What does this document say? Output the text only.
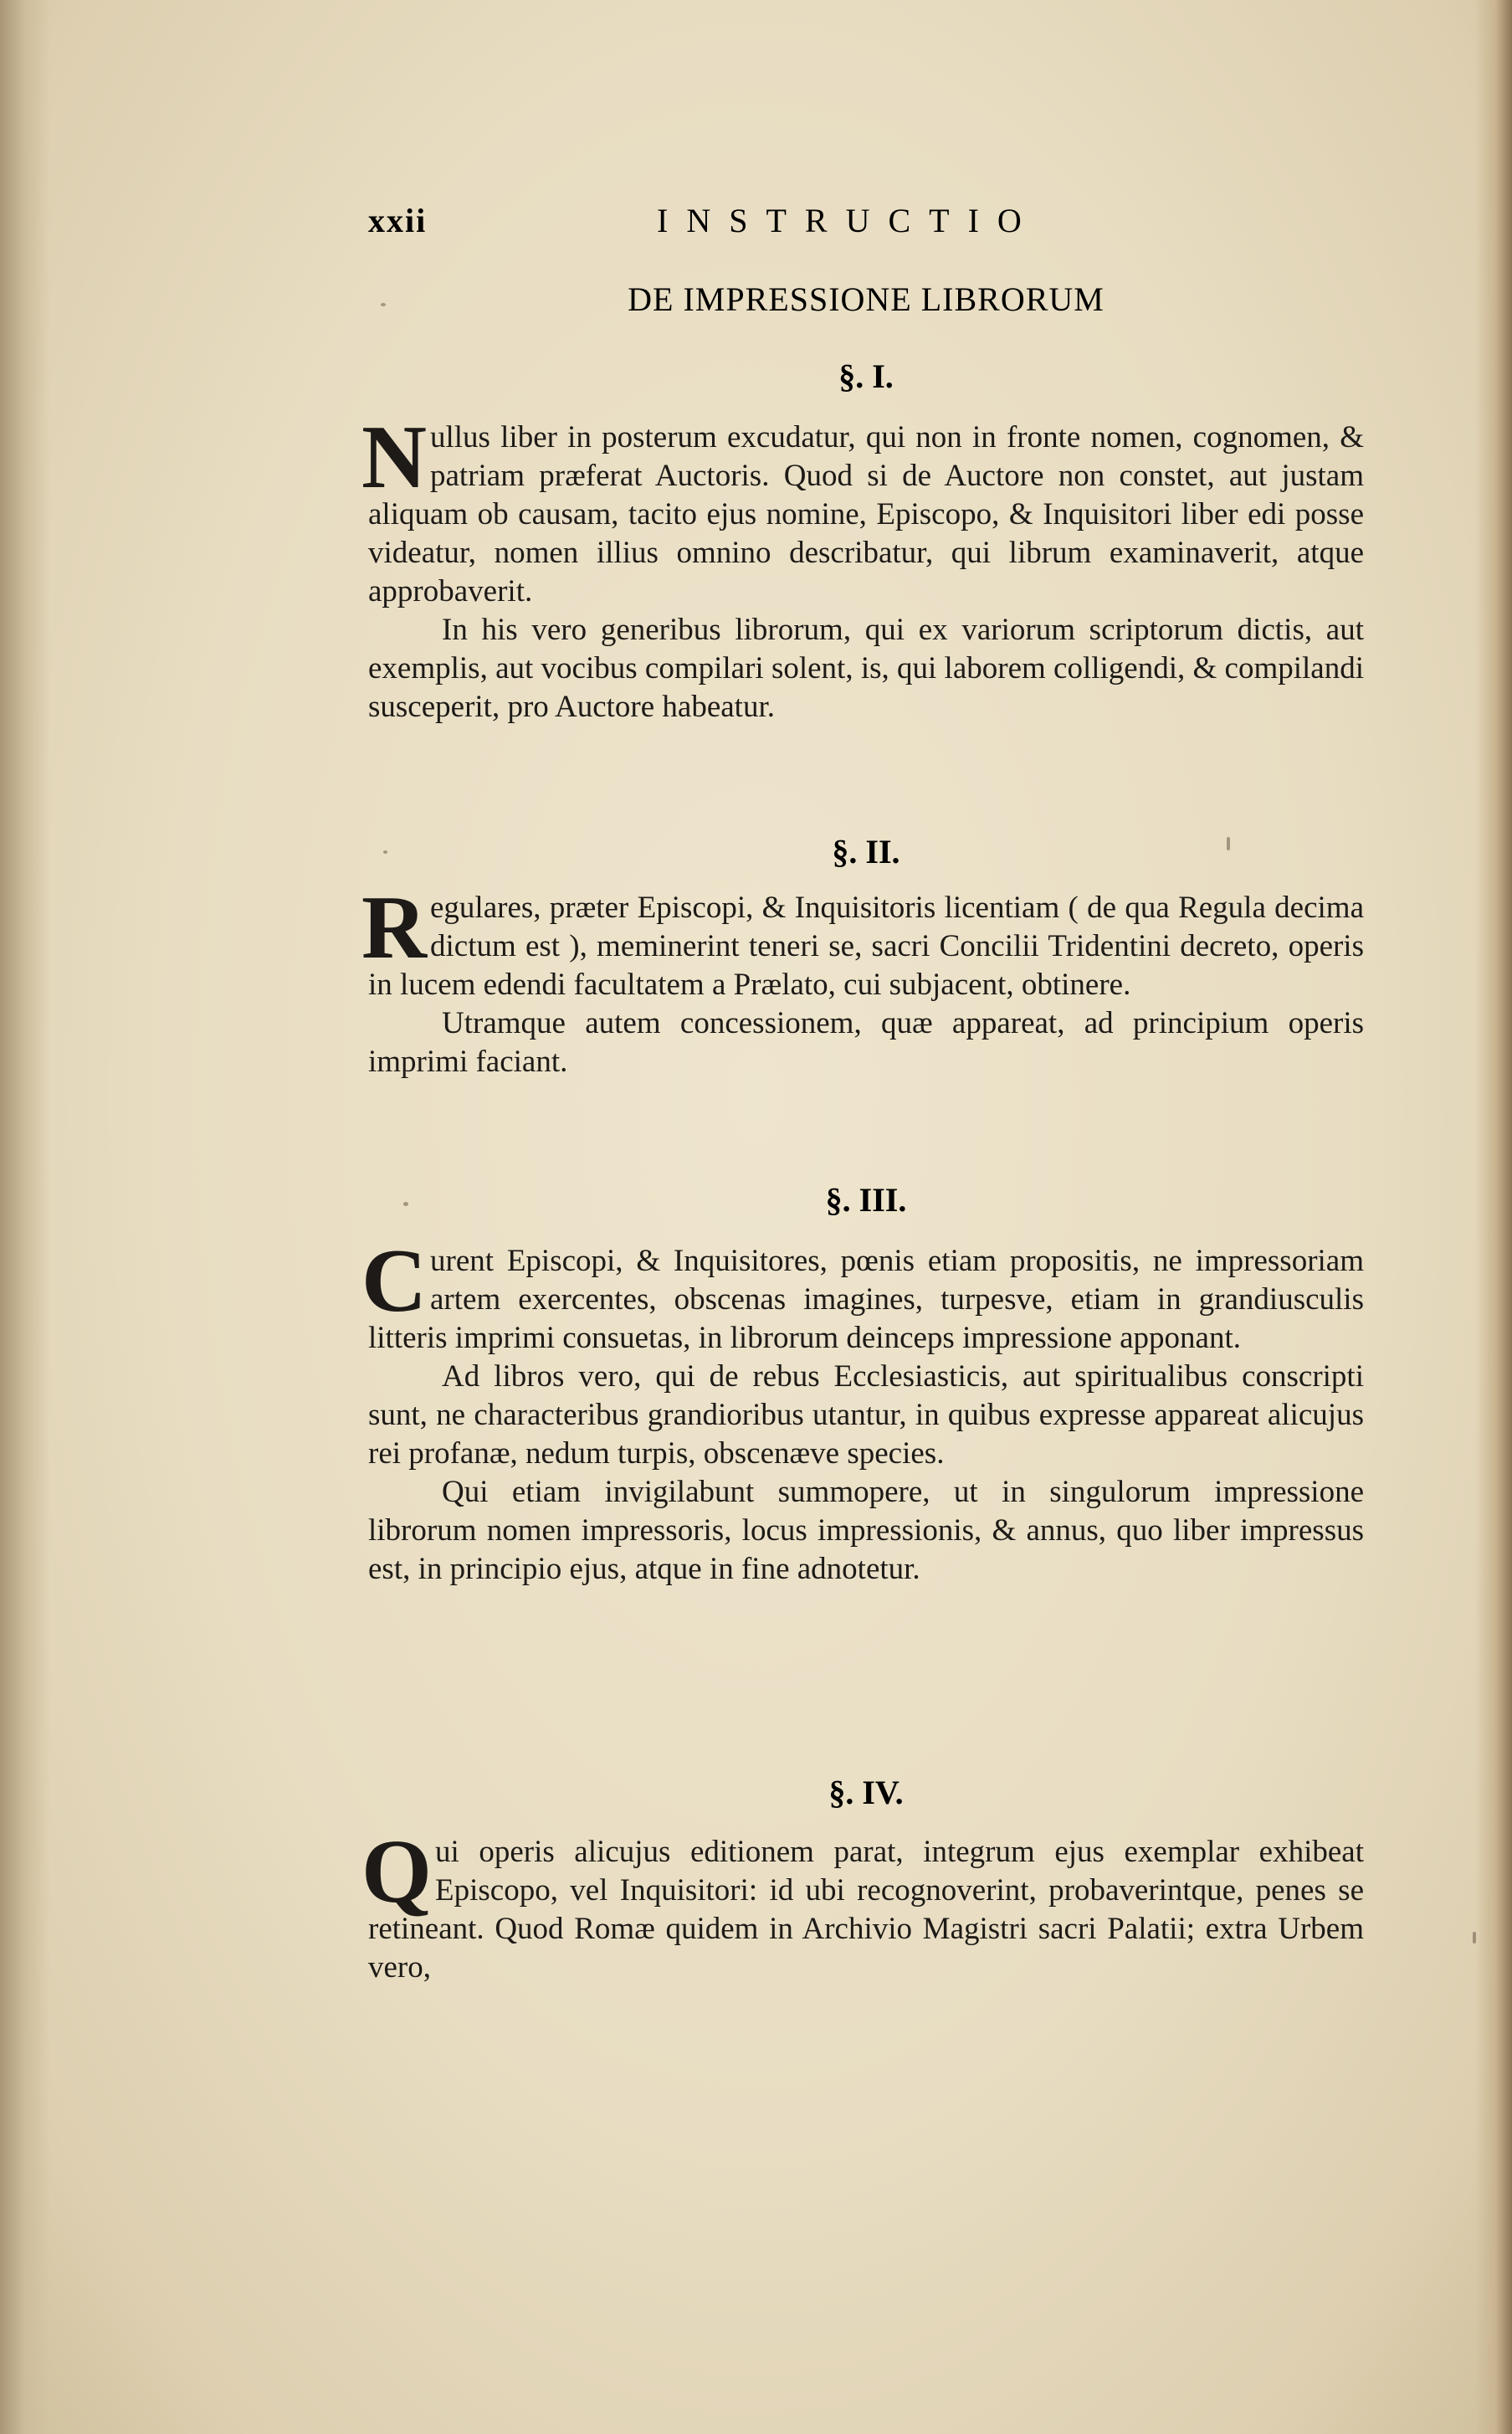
xxii	INSTRUCTIO
DE IMPRESSIONE LIBRORUM
§. I.

Nullus liber in posterum excudatur, qui non in fronte nomen, cognomen, & patriam præferat Auctoris. Quod si de Auctore non constet, aut justam aliquam ob causam, tacito ejus nomine, Episcopo, & Inquisitori liber edi posse videatur, nomen illius omnino describatur, qui librum examinaverit, atque approbaverit.

In his vero generibus librorum, qui ex variorum scriptorum dictis, aut exemplis, aut vocibus compilari solent, is, qui laborem colligendi, & compilandi susceperit, pro Auctore habeatur.

§. II.

Regulares, præter Episcopi, & Inquisitoris licentiam ( de qua Regula decima dictum est ), meminerint teneri se, sacri Concilii Tridentini decreto, operis in lucem edendi facultatem a Prælato, cui subjacent, obtinere.

Utramque autem concessionem, quæ appareat, ad principium operis imprimi faciant.

§. III.

Curent Episcopi, & Inquisitores, pœnis etiam propositis, ne impressoriam artem exercentes, obscenas imagines, turpesve, etiam in grandiusculis litteris imprimi consuetas, in librorum deinceps impressione apponant.

Ad libros vero, qui de rebus Ecclesiasticis, aut spiritualibus conscripti sunt, ne characteribus grandioribus utantur, in quibus expresse appareat alicujus rei profanæ, nedum turpis, obscenæve species.

Qui etiam invigilabunt summopere, ut in singulorum impressione librorum nomen impressoris, locus impressionis, & annus, quo liber impressus est, in principio ejus, atque in fine adnotetur.

§. IV.

Qui operis alicujus editionem parat, integrum ejus exemplar exhibeat Episcopo, vel Inquisitori: id ubi recognoverint, probaverintque, penes se retineant. Quod Romæ quidem in Archivio Magistri sacri Palatii; extra Urbem vero,
